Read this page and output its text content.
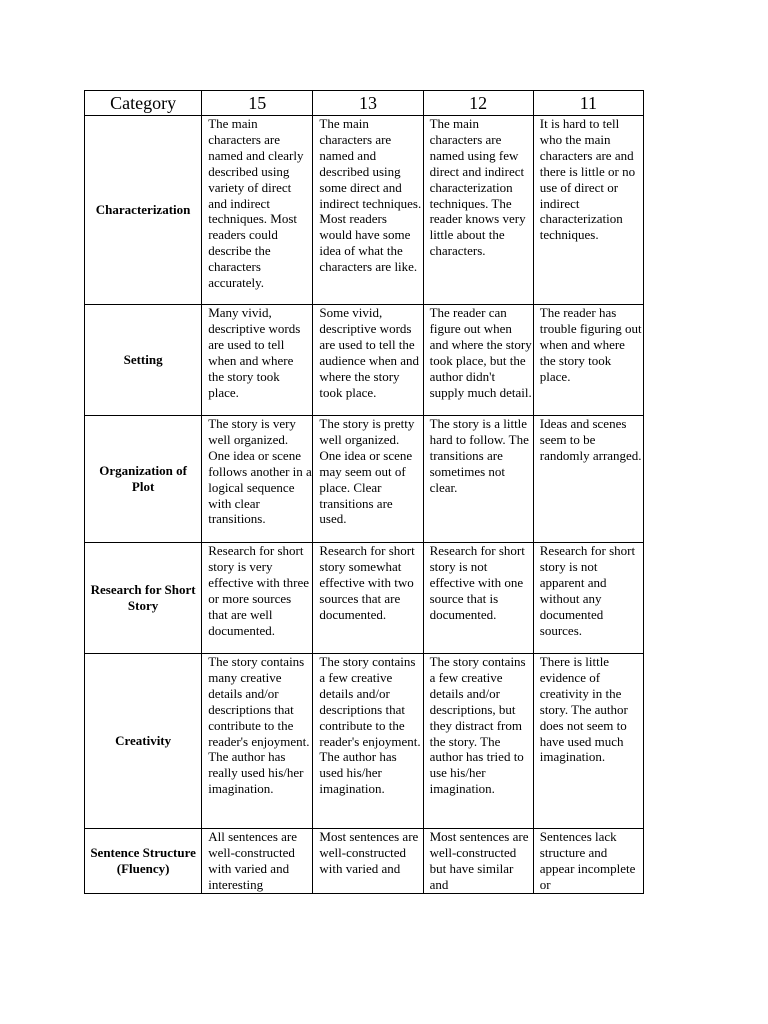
Category	15	13	12	11
Characterization	The main characters are named and clearly described using variety of direct and indirect techniques. Most readers could describe the characters accurately.	The main characters are named and described using some direct and indirect techniques. Most readers would have some idea of what the characters are like.	The main characters are named using few direct and indirect characterization techniques. The reader knows very little about the characters.	It is hard to tell who the main characters are and there is little or no use of direct or indirect characterization techniques.
Setting	Many vivid, descriptive words are used to tell when and where the story took place.	Some vivid, descriptive words are used to tell the audience when and where the story took place.	The reader can figure out when and where the story took place, but the author didn't supply much detail.	The reader has trouble figuring out when and where the story took place.
Organization of Plot	The story is very well organized. One idea or scene follows another in a logical sequence with clear transitions.	The story is pretty well organized. One idea or scene may seem out of place. Clear transitions are used.	The story is a little hard to follow. The transitions are sometimes not clear.	Ideas and scenes seem to be randomly arranged.
Research for Short Story	Research for short story is very effective with three or more sources that are well documented.	Research for short story somewhat effective with two sources that are documented.	Research for short story is not effective with one source that is documented.	Research for short story is not apparent and without any documented sources.
Creativity	The story contains many creative details and/or descriptions that contribute to the reader's enjoyment. The author has really used his/her imagination.	The story contains a few creative details and/or descriptions that contribute to the reader's enjoyment. The author has used his/her imagination.	The story contains a few creative details and/or descriptions, but they distract from the story. The author has tried to use his/her imagination.	There is little evidence of creativity in the story. The author does not seem to have used much imagination.
Sentence Structure (Fluency)	All sentences are well-constructed with varied and interesting	Most sentences are well-constructed with varied and	Most sentences are well-constructed but have similar and	Sentences lack structure and appear incomplete or
